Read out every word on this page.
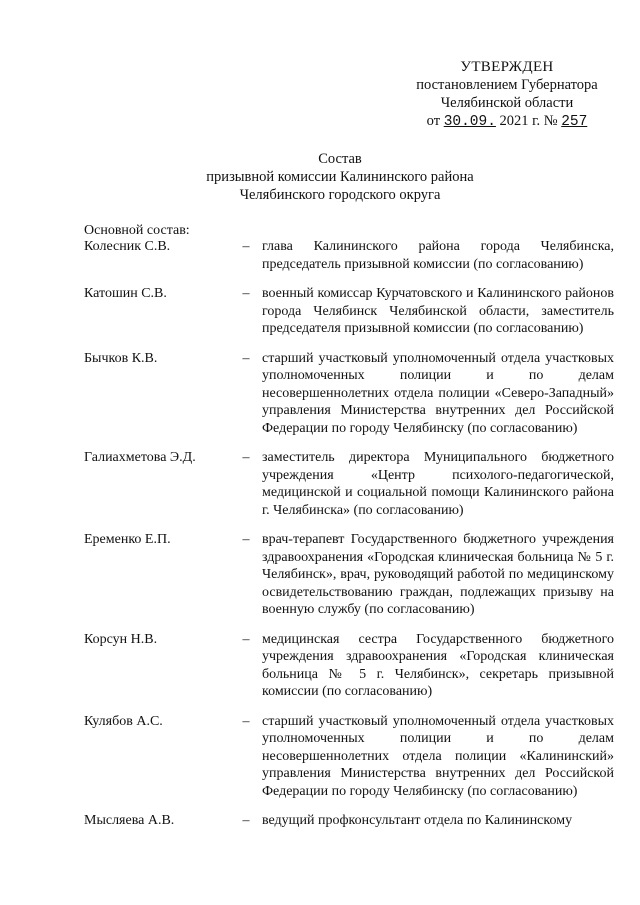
УТВЕРЖДЕН
постановлением Губернатора
Челябинской области
от 30.09. 2021 г. № 257
Состав
призывной комиссии Калининского района
Челябинского городского округа
Основной состав:
Колесник С.В.	– глава Калининского района города Челябинска, председатель призывной комиссии (по согласованию)
Катошин С.В.	– военный комиссар Курчатовского и Калининского районов города Челябинск Челябинской области, заместитель председателя призывной комиссии (по согласованию)
Бычков К.В.	– старший участковый уполномоченный отдела участковых уполномоченных полиции и по делам несовершеннолетних отдела полиции «Северо-Западный» управления Министерства внутренних дел Российской Федерации по городу Челябинску (по согласованию)
Галиахметова Э.Д.	– заместитель директора Муниципального бюджетного учреждения «Центр психолого-педагогической, медицинской и социальной помощи Калининского района г. Челябинска» (по согласованию)
Еременко Е.П.	– врач-терапевт Государственного бюджетного учреждения здравоохранения «Городская клиническая больница № 5 г. Челябинск», врач, руководящий работой по медицинскому освидетельствованию граждан, подлежащих призыву на военную службу (по согласованию)
Корсун Н.В.	– медицинская сестра Государственного бюджетного учреждения здравоохранения «Городская клиническая больница № 5 г. Челябинск», секретарь призывной комиссии (по согласованию)
Кулябов А.С.	– старший участковый уполномоченный отдела участковых уполномоченных полиции и по делам несовершеннолетних отдела полиции «Калининский» управления Министерства внутренних дел Российской Федерации по городу Челябинску (по согласованию)
Мысляева А.В.	– ведущий профконсультант отдела по Калининскому
